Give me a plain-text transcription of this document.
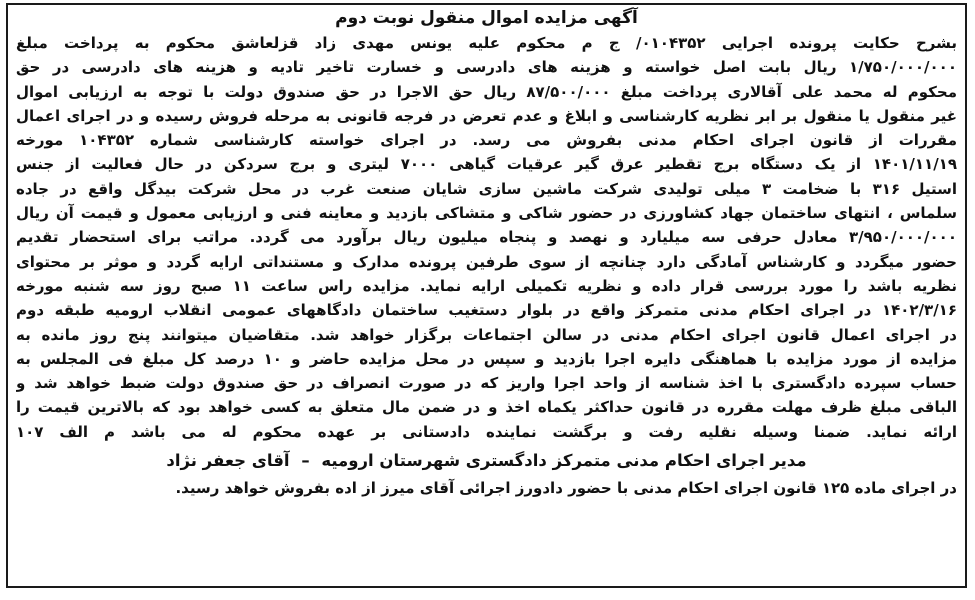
آگهی مزایده اموال منقول نوبت دوم
بشرح حکایت پرونده اجرایی ۰۱۰۴۳۵۲/ ج م محکوم علیه یونس مهدی زاد قزلعاشق محکوم به پرداخت مبلغ
۱/۷۵۰/۰۰۰/۰۰۰ ریال بابت اصل خواسته و هزینه های دادرسی و خسارت تاخیر تادیه و هزینه های دادرسی در حق
محکوم له محمد علی آقالاری پرداخت مبلغ ۸۷/۵۰۰/۰۰۰ ریال حق الاجرا در حق صندوق دولت با توجه به ارزیابی اموال
غیر منقول یا منقول بر ابر نظریه کارشناسی و ابلاغ و عدم تعرض در فرجه قانونی به مرحله فروش رسیده و در اجرای اعمال
مقررات از قانون اجرای احکام مدنی بفروش می رسد. در اجرای خواسته کارشناسی شماره ۱۰۴۳۵۲ مورخه
۱۴۰۱/۱۱/۱۹ از یک دستگاه برج تقطیر عرق گیر عرقیات گیاهی ۷۰۰۰ لیتری و برج سردکن در حال فعالیت از جنس
استیل ۳۱۶ با ضخامت ۳ میلی تولیدی شرکت ماشین سازی شایان صنعت غرب در محل شرکت بیدگل واقع در جاده
سلماس ، انتهای ساختمان جهاد کشاورزی در حضور شاکی و متشاکی بازدید و معاینه فنی و ارزیابی معمول و قیمت آن ریال
۳/۹۵۰/۰۰۰/۰۰۰ معادل حرفی سه میلیارد و نهصد و پنجاه میلیون ریال برآورد می گردد. مراتب برای استحضار تقدیم
حضور میگردد و کارشناس آمادگی دارد چنانچه از سوی طرفین پرونده مدارک و مستنداتی ارایه گردد و موثر بر محتوای
نظریه باشد را مورد بررسی قرار داده و نظریه تکمیلی ارایه نماید. مزایده راس ساعت ۱۱ صبح روز سه شنبه مورخه
۱۴۰۲/۳/۱۶ در اجرای احکام مدنی متمرکز واقع در بلوار دستغیب ساختمان دادگاههای عمومی انقلاب ارومیه طبقه دوم
در اجرای اعمال قانون اجرای احکام مدنی در سالن اجتماعات برگزار خواهد شد. متقاضیان میتوانند پنج روز مانده به
مزایده از مورد مزایده با هماهنگی دایره اجرا بازدید و سپس در محل مزایده حاضر و ۱۰ درصد کل مبلغ فی المجلس به
حساب سپرده دادگستری با اخذ شناسه از واحد اجرا واریز که در صورت انصراف در حق صندوق دولت ضبط خواهد شد و
الباقی مبلغ ظرف مهلت مقرره در قانون حداکثر یکماه اخذ و در ضمن مال متعلق به کسی خواهد بود که بالاترین قیمت را
ارائه نماید. ضمنا وسیله نقلیه رفت و برگشت نماینده دادستانی بر عهده محکوم له می باشد م الف ۱۰۷
مدیر اجرای احکام مدنی متمرکز دادگستری شهرستان ارومیه – آقای جعفر نژاد
در اجرای ماده ۱۲۵ قانون اجرای احکام مدنی با حضور دادورز اجرائی آقای میرز از اده بفروش خواهد رسید.
